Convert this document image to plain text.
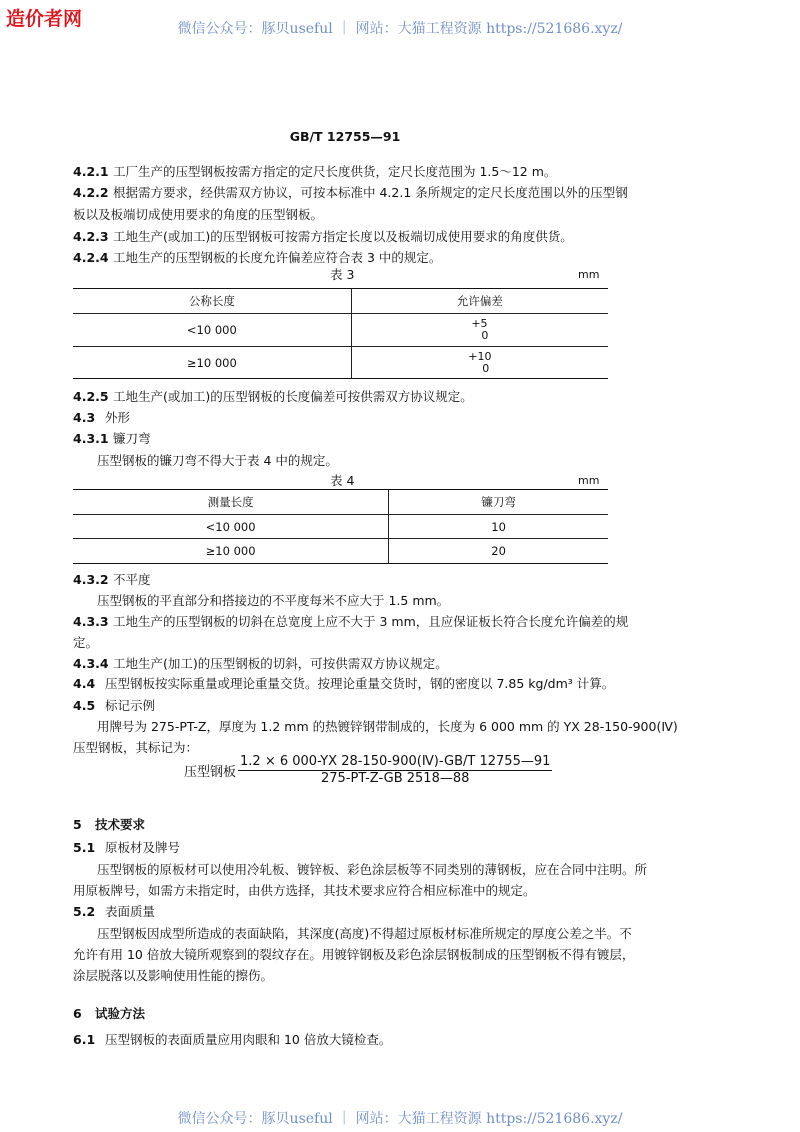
造价者网	微信公众号：豚贝useful ｜ 网站：大猫工程资源 https://521686.xyz/
GB/T 12755—91
4.2.1 工厂生产的压型钢板按需方指定的定尺长度供货，定尺长度范围为 1.5～12 m。
4.2.2 根据需方要求，经供需双方协议，可按本标准中 4.2.1 条所规定的定尺长度范围以外的压型钢
板以及板端切成使用要求的角度的压型钢板。
4.2.3 工地生产(或加工)的压型钢板可按需方指定长度以及板端切成使用要求的角度供货。
4.2.4 工地生产的压型钢板的长度允许偏差应符合表 3 中的规定。
表 3	mm
公称长度	允许偏差
<10 000	+5
0
≥10 000	+10
0
4.2.5 工地生产(或加工)的压型钢板的长度偏差可按供需双方协议规定。
4.3 外形
4.3.1 镰刀弯
压型钢板的镰刀弯不得大于表 4 中的规定。
表 4	mm
测量长度	镰刀弯
<10 000	10
≥10 000	20
4.3.2 不平度
压型钢板的平直部分和搭接边的不平度每米不应大于 1.5 mm。
4.3.3 工地生产的压型钢板的切斜在总宽度上应不大于 3 mm，且应保证板长符合长度允许偏差的规
定。
4.3.4 工地生产(加工)的压型钢板的切斜，可按供需双方协议规定。
4.4 压型钢板按实际重量或理论重量交货。按理论重量交货时，钢的密度以 7.85 kg/dm³ 计算。
4.5 标记示例
用牌号为 275-PT-Z，厚度为 1.2 mm 的热镀锌钢带制成的，长度为 6 000 mm 的 YX 28-150-900(Ⅳ)
压型钢板，其标记为：
压型钢板
1.2 × 6 000-YX 28-150-900(Ⅳ)-GB/T 12755—91
275-PT-Z-GB 2518—88
5 技术要求
5.1 原板材及牌号
压型钢板的原板材可以使用冷轧板、镀锌板、彩色涂层板等不同类别的薄钢板，应在合同中注明。所
用原板牌号，如需方未指定时，由供方选择，其技术要求应符合相应标准中的规定。
5.2 表面质量
压型钢板因成型所造成的表面缺陷，其深度(高度)不得超过原板材标准所规定的厚度公差之半。不
允许有用 10 倍放大镜所观察到的裂纹存在。用镀锌钢板及彩色涂层钢板制成的压型钢板不得有镀层，
涂层脱落以及影响使用性能的擦伤。
6 试验方法
6.1 压型钢板的表面质量应用肉眼和 10 倍放大镜检查。
微信公众号：豚贝useful ｜ 网站：大猫工程资源 https://521686.xyz/
